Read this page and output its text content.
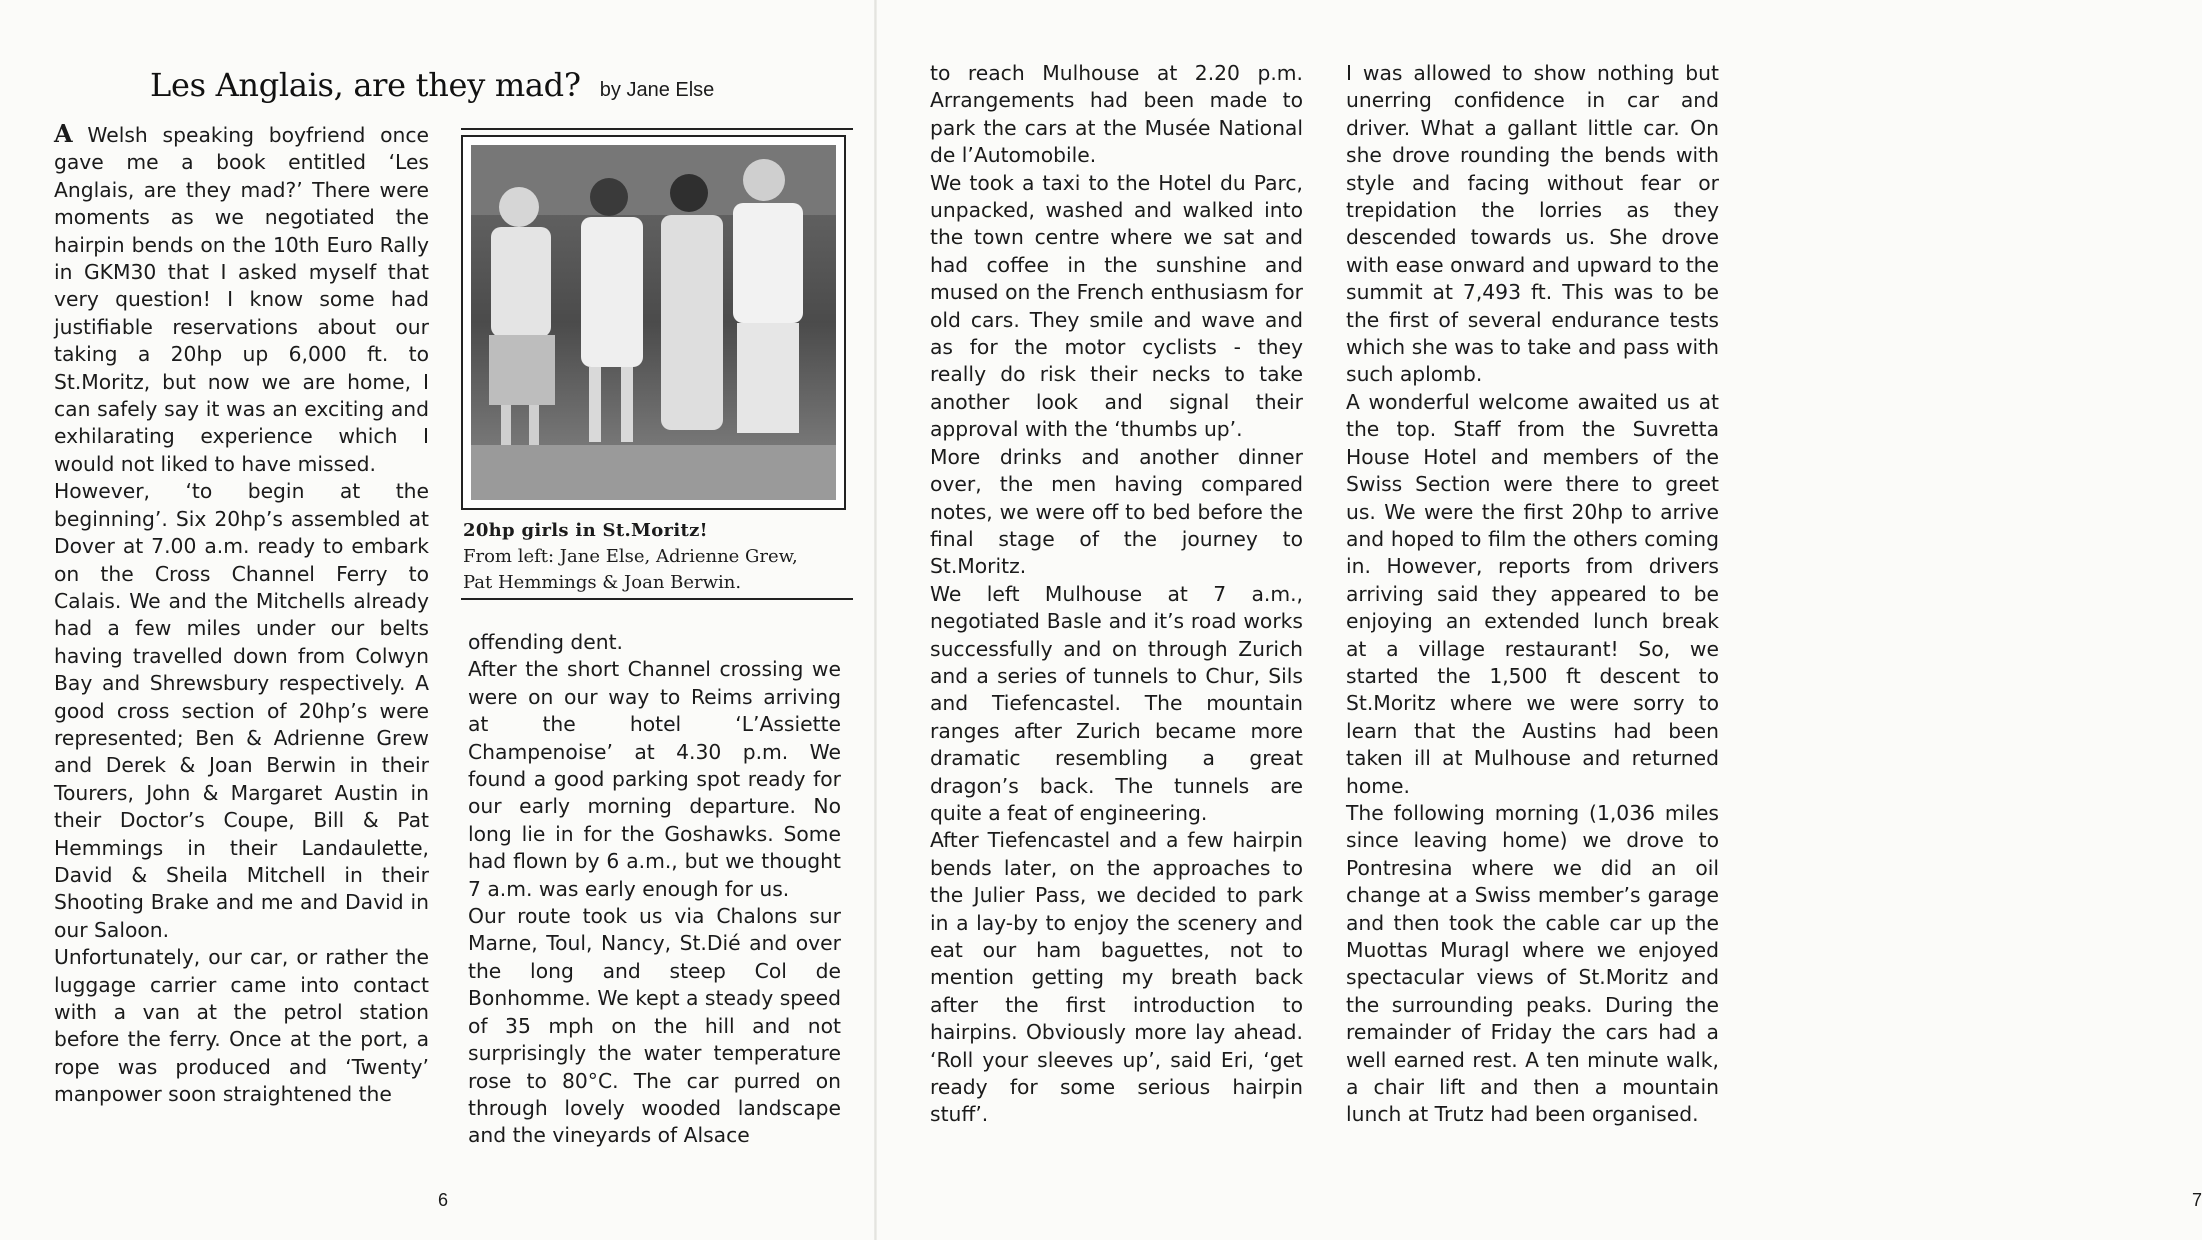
Les Anglais, are they mad? by Jane Else

A Welsh speaking boyfriend once gave me a book entitled ‘Les Anglais, are they mad?’ There were moments as we negotiated the hairpin bends on the 10th Euro Rally in GKM30 that I asked myself that very question! I know some had justifiable reservations about our taking a 20hp up 6,000 ft. to St.Moritz, but now we are home, I can safely say it was an exciting and exhilarating experience which I would not liked to have missed.

However, ‘to begin at the beginning’. Six 20hp’s assembled at Dover at 7.00 a.m. ready to embark on the Cross Channel Ferry to Calais. We and the Mitchells already had a few miles under our belts having travelled down from Colwyn Bay and Shrewsbury respectively. A good cross section of 20hp’s were represented; Ben & Adrienne Grew and Derek & Joan Berwin in their Tourers, John & Margaret Austin in their Doctor’s Coupe, Bill & Pat Hemmings in their Landaulette, David & Sheila Mitchell in their Shooting Brake and me and David in our Saloon.

Unfortunately, our car, or rather the luggage carrier came into contact with a van at the petrol station before the ferry. Once at the port, a rope was produced and ‘Twenty’ manpower soon straightened the

20hp girls in St.Moritz!
From left: Jane Else, Adrienne Grew,
Pat Hemmings & Joan Berwin.

offending dent.

After the short Channel crossing we were on our way to Reims arriving at the hotel ‘L’Assiette Champenoise’ at 4.30 p.m. We found a good parking spot ready for our early morning departure. No long lie in for the Goshawks. Some had flown by 6 a.m., but we thought 7 a.m. was early enough for us.

Our route took us via Chalons sur Marne, Toul, Nancy, St.Dié and over the long and steep Col de Bonhomme. We kept a steady speed of 35 mph on the hill and not surprisingly the water temperature rose to 80°C. The car purred on through lovely wooded landscape and the vineyards of Alsace

6

to reach Mulhouse at 2.20 p.m. Arrangements had been made to park the cars at the Musée National de l’Automobile.

We took a taxi to the Hotel du Parc, unpacked, washed and walked into the town centre where we sat and had coffee in the sunshine and mused on the French enthusiasm for old cars. They smile and wave and as for the motor cyclists - they really do risk their necks to take another look and signal their approval with the ‘thumbs up’.

More drinks and another dinner over, the men having compared notes, we were off to bed before the final stage of the journey to St.Moritz.

We left Mulhouse at 7 a.m., negotiated Basle and it’s road works successfully and on through Zurich and a series of tunnels to Chur, Sils and Tiefencastel. The mountain ranges after Zurich became more dramatic resembling a great dragon’s back. The tunnels are quite a feat of engineering.

After Tiefencastel and a few hairpin bends later, on the approaches to the Julier Pass, we decided to park in a lay-by to enjoy the scenery and eat our ham baguettes, not to mention getting my breath back after the first introduction to hairpins. Obviously more lay ahead. ‘Roll your sleeves up’, said Eri, ‘get ready for some serious hairpin stuff’.

I was allowed to show nothing but unerring confidence in car and driver. What a gallant little car. On she drove rounding the bends with style and facing without fear or trepidation the lorries as they descended towards us. She drove with ease onward and upward to the summit at 7,493 ft. This was to be the first of several endurance tests which she was to take and pass with such aplomb.

A wonderful welcome awaited us at the top. Staff from the Suvretta House Hotel and members of the Swiss Section were there to greet us. We were the first 20hp to arrive and hoped to film the others coming in. However, reports from drivers arriving said they appeared to be enjoying an extended lunch break at a village restaurant! So, we started the 1,500 ft descent to St.Moritz where we were sorry to learn that the Austins had been taken ill at Mulhouse and returned home.

The following morning (1,036 miles since leaving home) we drove to Pontresina where we did an oil change at a Swiss member’s garage and then took the cable car up the Muottas Muragl where we enjoyed spectacular views of St.Moritz and the surrounding peaks. During the remainder of Friday the cars had a well earned rest. A ten minute walk, a chair lift and then a mountain lunch at Trutz had been organised.

7
